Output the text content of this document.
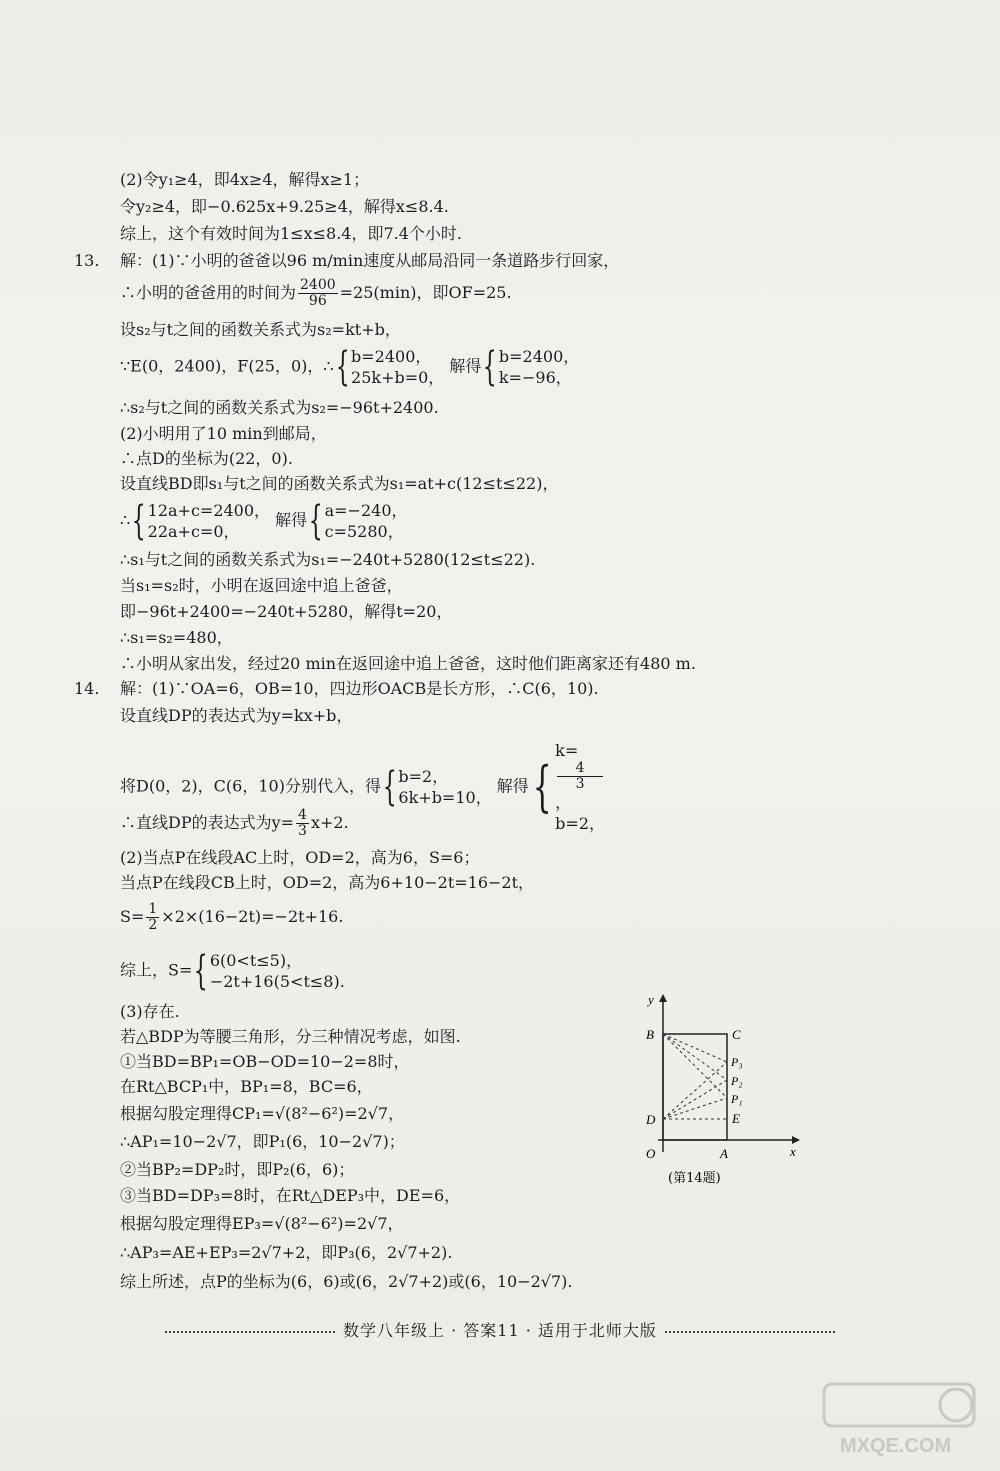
(2)令y₁≥4，即4x≥4，解得x≥1；
令y₂≥4，即−0.625x+9.25≥4，解得x≤8.4.
综上，这个有效时间为1≤x≤8.4，即7.4个小时.
13. 解：(1)∵小明的爸爸以96 m/min速度从邮局沿同一条道路步行回家，
∴小明的爸爸用的时间为 $\frac{2400}{96} =25(\min)$，即OF=25.
设s₂与t之间的函数关系式为s₂=kt+b，
∵E(0，2400)，F(25，0)，∴{ b=2400，
25k+b=0，
解得{ b=2400，
k=−96，
∴s₂与t之间的函数关系式为s₂=−96t+2400.
(2)小明用了10 min到邮局，
∴点D的坐标为(22，0).
设直线BD即s₁与t之间的函数关系式为s₁=at+c(12≤t≤22)，
∴{ 12a+c=2400，
22a+c=0，
解得{ a=−240，
c=5280，
∴s₁与t之间的函数关系式为s₁=−240t+5280(12≤t≤22).
当s₁=s₂时，小明在返回途中追上爸爸，
即−96t+2400=−240t+5280，解得t=20，
∴s₁=s₂=480，
∴小明从家出发，经过20 min在返回途中追上爸爸，这时他们距离家还有480 m.
14. 解：(1)∵OA=6，OB=10，四边形OACB是长方形，∴C(6，10).
设直线DP的表达式为y=kx+b，
将D(0，2)，C(6，10)分别代入，得{ b=2，
6k+b=10，
解得{
k=
4
3
，
b=2，
∴直线DP的表达式为$y= \frac{4}{3} x+2$.
(2)当点P在线段AC上时，OD=2，高为6，S=6；
当点P在线段CB上时，OD=2，高为6+10−2t=16−2t，
$S= \frac{1}{2} \times 2\times(16-2t)=-2t+16$.
综上，S={ 6(0<t≤5)，
−2t+16(5<t≤8).
(3)存在.
若△BDP为等腰三角形，分三种情况考虑，如图.
①当BD=BP₁=OB−OD=10−2=8时，
在Rt△BCP₁中，BP₁=8，BC=6，
根据勾股定理得CP₁=√(8²−6²)=2√7，
∴AP₁=10−2√7，即P₁(6，10−2√7)；
②当BP₂=DP₂时，即P₂(6，6)；
③当BD=DP₃=8时，在Rt△DEP₃中，DE=6，
根据勾股定理得EP₃=√(8²−6²)=2√7，
∴AP₃=AE+EP₃=2√7+2，即P₃(6，2√7+2).
综上所述，点P的坐标为(6，6)或(6，2√7+2)或(6，10−2√7).
y
x
O	A
B	C
D	E
P₃
P₂
P₁
(第14题)
数学八年级上 · 答案11 · 适用于北师大版
MXQE.COM
